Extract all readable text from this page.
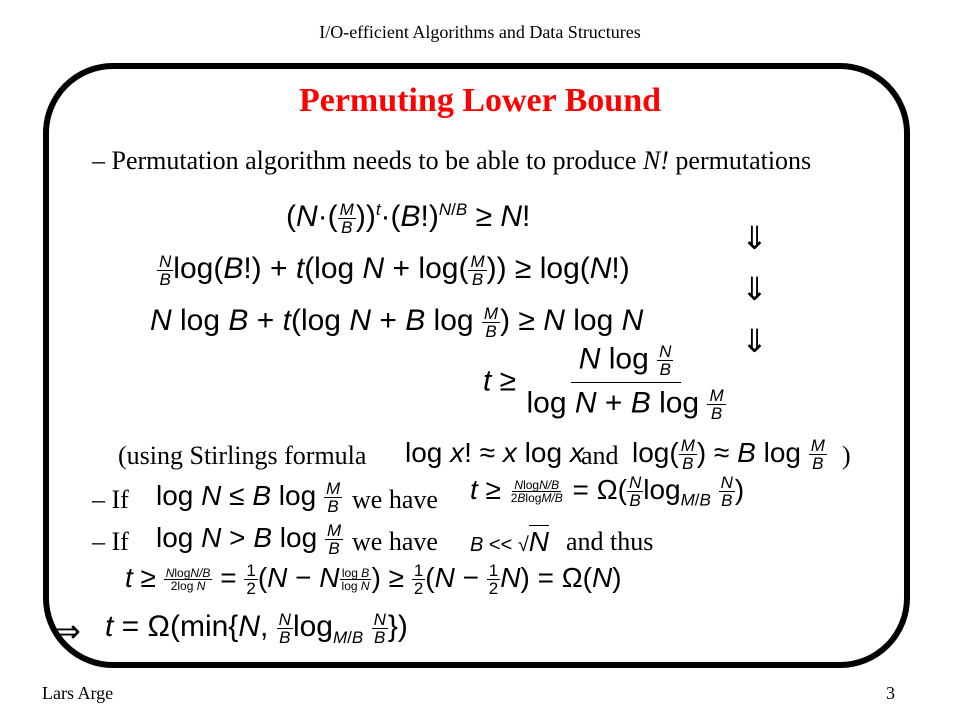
I/O-efficient Algorithms and Data Structures
Permuting Lower Bound
– Permutation algorithm needs to be able to produce N! permutations
$(N\cdot( \frac{M}{B} ))^t\cdot(B!)^{N/B} \ge N$!
$\frac{N}{B} \log(B!) + t(\log$ $N + \log( \frac{M}{B}$ )) ≥ log(N!)
N log B + t(log N + B $\log \frac{M}{B}$ ) ≥ N log N
$t \ge \frac{N \log \frac{N}{B}}{\log N + B \log \frac{M}{B}}$
⇓
⇓
⇓
(using Stirlings formula log x! ≈ x log x
and $\log( \frac{M}{B}$ ) ≈ B $\log \frac{M}{B}$ )
– If log N ≤ B $\log \frac{M}{B}$ we have $t \ge \frac{NlogN/B}{2BlogM/B} = \Omega( \frac{N}{B} \log_{M/B} \frac{N}{B}$ )
– If log N > B $\log \frac{M}{B}$ we have B << √N and thus
$t \ge \frac{NlogN/B}{\text{2log N}} = \frac{1}{2} (N - N \frac{\text{log B}}{\text{log N}}$ ) ≥ $\frac{1}{2} (N - \frac{1}{2} N) = \Omega(N)$
⇒ t = Ω(min{N, $\frac{N}{B} \log_{M/B} \frac{N}{B}$ })
Lars Arge	3
